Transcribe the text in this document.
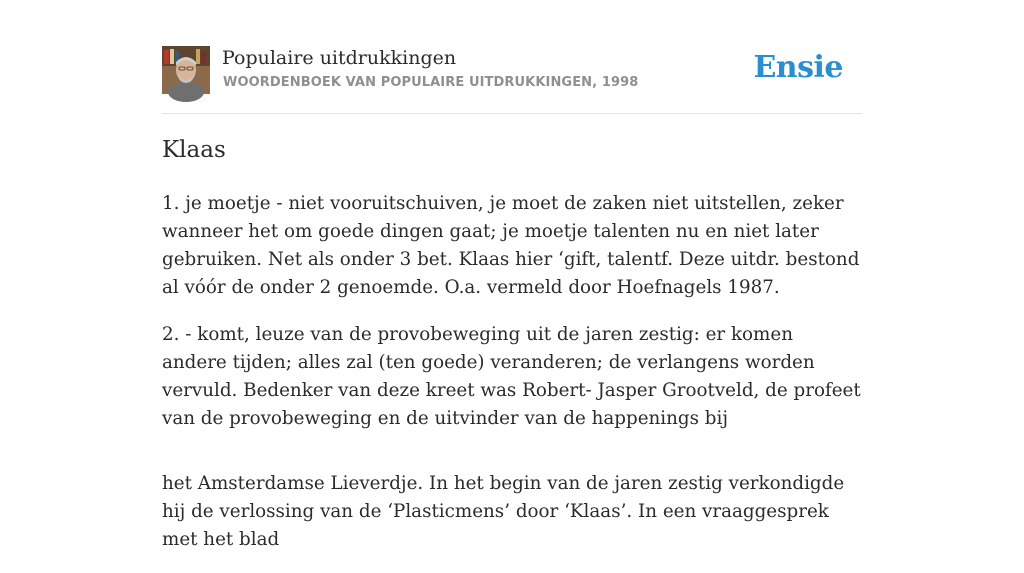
Populaire uitdrukkingen
WOORDENBOEK VAN POPULAIRE UITDRUKKINGEN, 1998	Ensie
Klaas

1. je moetje - niet vooruitschuiven, je moet de zaken niet uitstellen, zeker wanneer het om goede dingen gaat; je moetje talenten nu en niet later gebruiken. Net als onder 3 bet. Klaas hier ‘gift, talentf. Deze uitdr. bestond al vóór de onder 2 genoemde. O.a. vermeld door Hoefnagels 1987.

2. - komt, leuze van de provobeweging uit de jaren zestig: er komen andere tijden; alles zal (ten goede) veranderen; de verlangens worden vervuld. Bedenker van deze kreet was Robert- Jasper Grootveld, de profeet van de provobeweging en de uitvinder van de happenings bij

het Amsterdamse Lieverdje. In het begin van de jaren zestig verkondigde hij de verlossing van de ‘Plasticmens’ door ‘Klaas’. In een vraaggesprek met het blad
